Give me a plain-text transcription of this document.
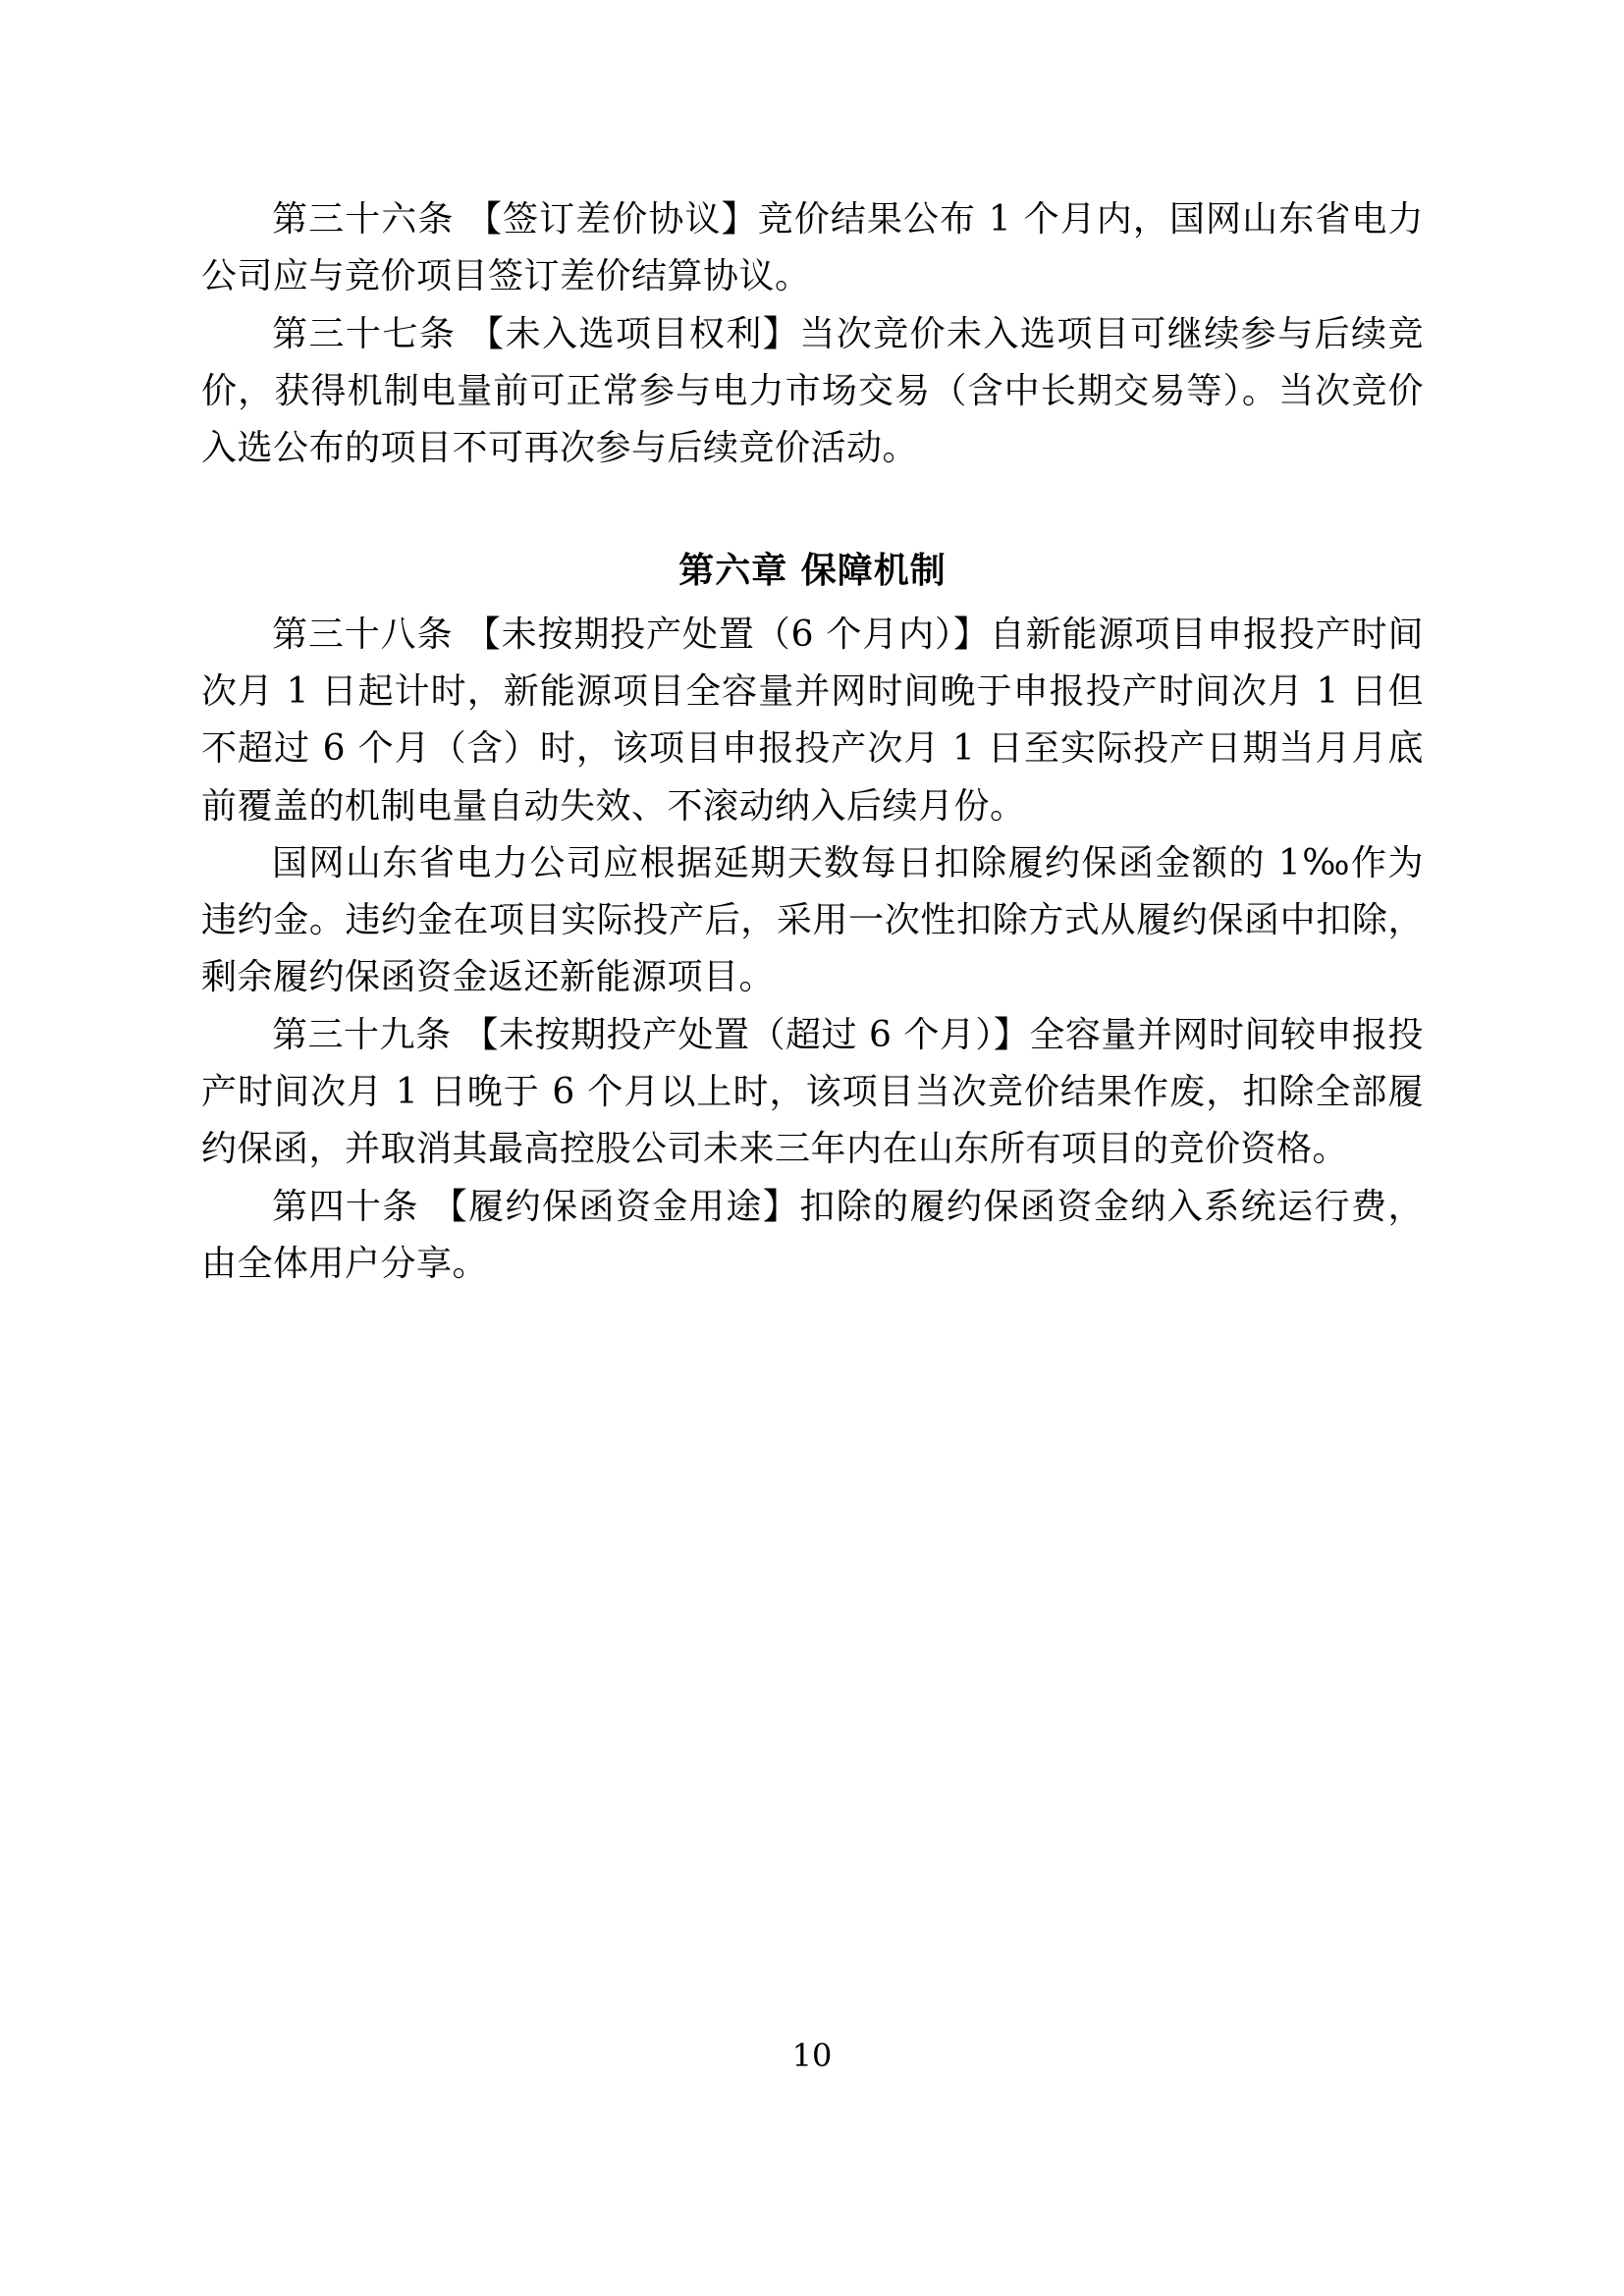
第三十六条 【签订差价协议】竞价结果公布 1 个月内，国网山东省电力公司应与竞价项目签订差价结算协议。

第三十七条 【未入选项目权利】当次竞价未入选项目可继续参与后续竞价，获得机制电量前可正常参与电力市场交易（含中长期交易等）。当次竞价入选公布的项目不可再次参与后续竞价活动。

第六章 保障机制

第三十八条 【未按期投产处置（6 个月内）】自新能源项目申报投产时间次月 1 日起计时，新能源项目全容量并网时间晚于申报投产时间次月 1 日但不超过 6 个月（含）时，该项目申报投产次月 1 日至实际投产日期当月月底前覆盖的机制电量自动失效、不滚动纳入后续月份。

国网山东省电力公司应根据延期天数每日扣除履约保函金额的 1‰作为违约金。违约金在项目实际投产后，采用一次性扣除方式从履约保函中扣除，剩余履约保函资金返还新能源项目。

第三十九条 【未按期投产处置（超过 6 个月）】全容量并网时间较申报投产时间次月 1 日晚于 6 个月以上时，该项目当次竞价结果作废，扣除全部履约保函，并取消其最高控股公司未来三年内在山东所有项目的竞价资格。

第四十条 【履约保函资金用途】扣除的履约保函资金纳入系统运行费，由全体用户分享。

10
